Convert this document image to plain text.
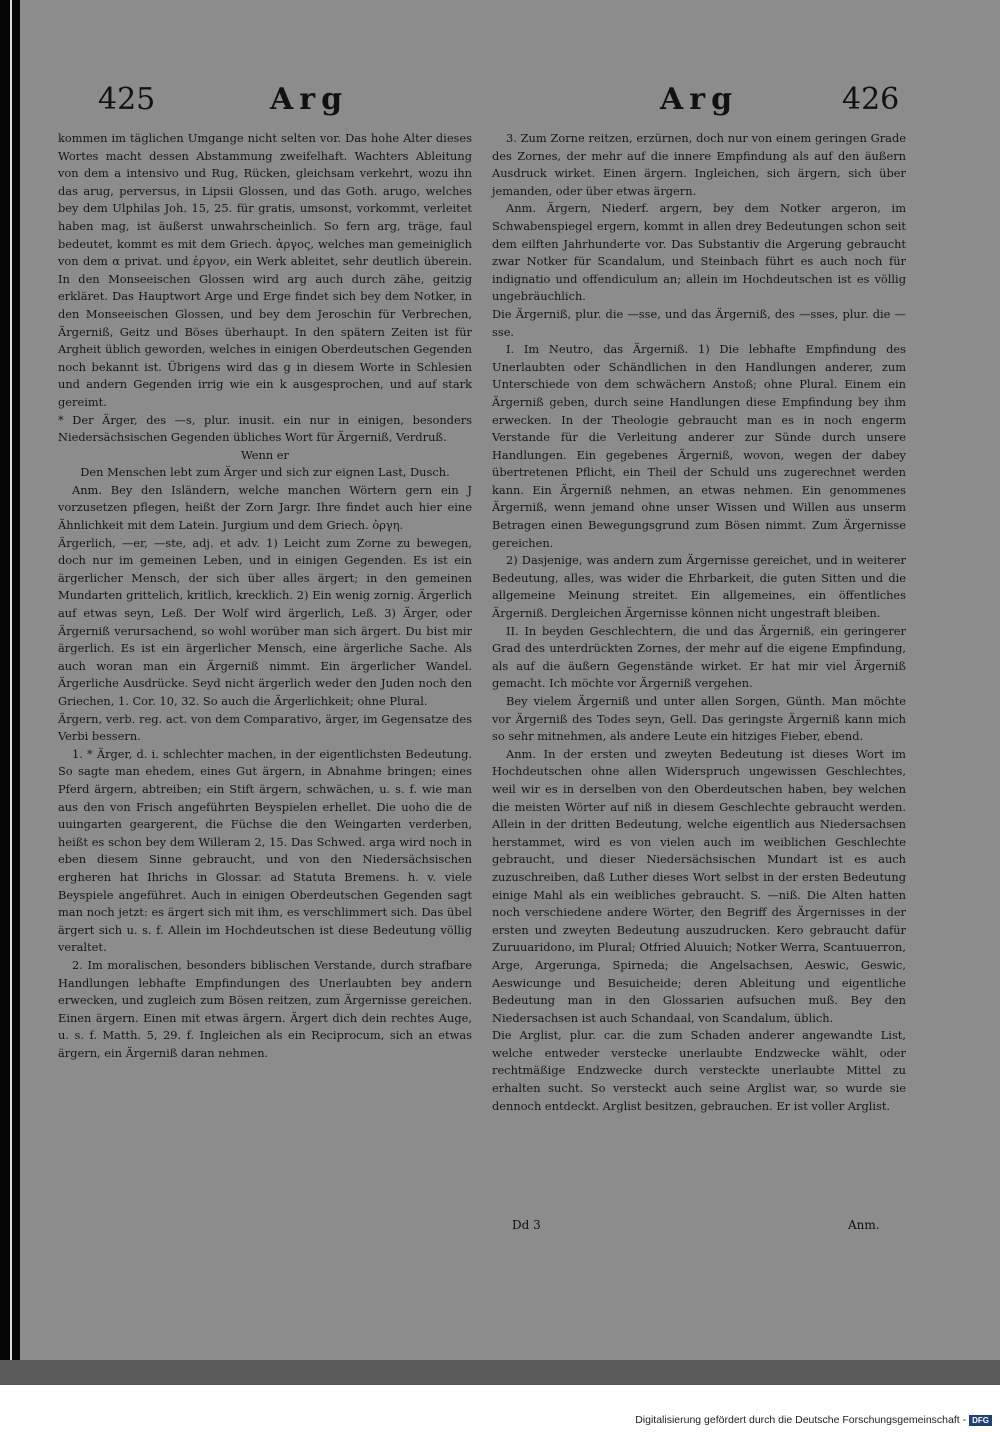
425	Arg	Arg	426

kommen im täglichen Umgange nicht selten vor. Das hohe Alter dieses Wortes macht dessen Abstammung zweifelhaft. Wachters Ableitung von dem a intensivo und Rug, Rücken, gleichsam verkehrt, wozu ihn das arug, perversus, in Lipsii Glossen, und das Goth. arugo, welches bey dem Ulphilas Joh. 15, 25. für gratis, umsonst, vorkommt, verleitet haben mag, ist äußerst unwahrscheinlich. So fern arg, träge, faul bedeutet, kommt es mit dem Griech. ἀργος, welches man gemeiniglich von dem α privat. und ἐργον, ein Werk ableitet, sehr deutlich überein. In den Monseeischen Glossen wird arg auch durch zähe, geitzig erkläret. Das Hauptwort Arge und Erge findet sich bey dem Notker, in den Monseeischen Glossen, und bey dem Jeroschin für Verbrechen, Ärgerniß, Geitz und Böses überhaupt. In den spätern Zeiten ist für Argheit üblich geworden, welches in einigen Oberdeutschen Gegenden noch bekannt ist. Übrigens wird das g in diesem Worte in Schlesien und andern Gegenden irrig wie ein k ausgesprochen, und auf stark gereimt.

* Der Ärger, des —s, plur. inusit. ein nur in einigen, besonders Niedersächsischen Gegenden übliches Wort für Ärgerniß, Verdruß.

Wenn er

Den Menschen lebt zum Ärger und sich zur eignen Last, Dusch.

Anm. Bey den Isländern, welche manchen Wörtern gern ein J vorzusetzen pflegen, heißt der Zorn Jargr. Ihre findet auch hier eine Ähnlichkeit mit dem Latein. Jurgium und dem Griech. ὀργη.

Ärgerlich, —er, —ste, adj. et adv. 1) Leicht zum Zorne zu bewegen, doch nur im gemeinen Leben, und in einigen Gegenden. Es ist ein ärgerlicher Mensch, der sich über alles ärgert; in den gemeinen Mundarten grittelich, kritlich, krecklich. 2) Ein wenig zornig. Ärgerlich auf etwas seyn, Leß. Der Wolf wird ärgerlich, Leß. 3) Ärger, oder Ärgerniß verursachend, so wohl worüber man sich ärgert. Du bist mir ärgerlich. Es ist ein ärgerlicher Mensch, eine ärgerliche Sache. Als auch woran man ein Ärgerniß nimmt. Ein ärgerlicher Wandel. Ärgerliche Ausdrücke. Seyd nicht ärgerlich weder den Juden noch den Griechen, 1. Cor. 10, 32. So auch die Ärgerlichkeit; ohne Plural.

Ärgern, verb. reg. act. von dem Comparativo, ärger, im Gegensatze des Verbi bessern.

1. * Ärger, d. i. schlechter machen, in der eigentlichsten Bedeutung. So sagte man ehedem, eines Gut ärgern, in Abnahme bringen; eines Pferd ärgern, abtreiben; ein Stift ärgern, schwächen, u. s. f. wie man aus den von Frisch angeführten Beyspielen erhellet. Die uoho die de uuingarten geargerent, die Füchse die den Weingarten verderben, heißt es schon bey dem Willeram 2, 15. Das Schwed. arga wird noch in eben diesem Sinne gebraucht, und von den Niedersächsischen ergheren hat Ihrichs in Glossar. ad Statuta Bremens. h. v. viele Beyspiele angeführet. Auch in einigen Oberdeutschen Gegenden sagt man noch jetzt: es ärgert sich mit ihm, es verschlimmert sich. Das übel ärgert sich u. s. f. Allein im Hochdeutschen ist diese Bedeutung völlig veraltet.

2. Im moralischen, besonders biblischen Verstande, durch strafbare Handlungen lebhafte Empfindungen des Unerlaubten bey andern erwecken, und zugleich zum Bösen reitzen, zum Ärgernisse gereichen. Einen ärgern. Einen mit etwas ärgern. Ärgert dich dein rechtes Auge, u. s. f. Matth. 5, 29. f. Ingleichen als ein Reciprocum, sich an etwas ärgern, ein Ärgerniß daran nehmen.

3. Zum Zorne reitzen, erzürnen, doch nur von einem geringen Grade des Zornes, der mehr auf die innere Empfindung als auf den äußern Ausdruck wirket. Einen ärgern. Ingleichen, sich ärgern, sich über jemanden, oder über etwas ärgern.

Anm. Ärgern, Niederf. argern, bey dem Notker argeron, im Schwabenspiegel ergern, kommt in allen drey Bedeutungen schon seit dem eilften Jahrhunderte vor. Das Substantiv die Argerung gebraucht zwar Notker für Scandalum, und Steinbach führt es auch noch für indignatio und offendiculum an; allein im Hochdeutschen ist es völlig ungebräuchlich.

Die Ärgerniß, plur. die —sse, und das Ärgerniß, des —sses, plur. die —sse.

I. Im Neutro, das Ärgerniß. 1) Die lebhafte Empfindung des Unerlaubten oder Schändlichen in den Handlungen anderer, zum Unterschiede von dem schwächern Anstoß; ohne Plural. Einem ein Ärgerniß geben, durch seine Handlungen diese Empfindung bey ihm erwecken. In der Theologie gebraucht man es in noch engerm Verstande für die Verleitung anderer zur Sünde durch unsere Handlungen. Ein gegebenes Ärgerniß, wovon, wegen der dabey übertretenen Pflicht, ein Theil der Schuld uns zugerechnet werden kann. Ein Ärgerniß nehmen, an etwas nehmen. Ein genommenes Ärgerniß, wenn jemand ohne unser Wissen und Willen aus unserm Betragen einen Bewegungsgrund zum Bösen nimmt. Zum Ärgernisse gereichen.

2) Dasjenige, was andern zum Ärgernisse gereichet, und in weiterer Bedeutung, alles, was wider die Ehrbarkeit, die guten Sitten und die allgemeine Meinung streitet. Ein allgemeines, ein öffentliches Ärgerniß. Dergleichen Ärgernisse können nicht ungestraft bleiben.

II. In beyden Geschlechtern, die und das Ärgerniß, ein geringerer Grad des unterdrückten Zornes, der mehr auf die eigene Empfindung, als auf die äußern Gegenstände wirket. Er hat mir viel Ärgerniß gemacht. Ich möchte vor Ärgerniß vergehen.

Bey vielem Ärgerniß und unter allen Sorgen, Günth. Man möchte vor Ärgerniß des Todes seyn, Gell. Das geringste Ärgerniß kann mich so sehr mitnehmen, als andere Leute ein hitziges Fieber, ebend.

Anm. In der ersten und zweyten Bedeutung ist dieses Wort im Hochdeutschen ohne allen Widerspruch ungewissen Geschlechtes, weil wir es in derselben von den Oberdeutschen haben, bey welchen die meisten Wörter auf niß in diesem Geschlechte gebraucht werden. Allein in der dritten Bedeutung, welche eigentlich aus Niedersachsen herstammet, wird es von vielen auch im weiblichen Geschlechte gebraucht, und dieser Niedersächsischen Mundart ist es auch zuzuschreiben, daß Luther dieses Wort selbst in der ersten Bedeutung einige Mahl als ein weibliches gebraucht. S. —niß. Die Alten hatten noch verschiedene andere Wörter, den Begriff des Ärgernisses in der ersten und zweyten Bedeutung auszudrucken. Kero gebraucht dafür Zuruuaridono, im Plural; Otfried Aluuich; Notker Werra, Scantuuerron, Arge, Argerunga, Spirneda; die Angelsachsen, Aeswic, Geswic, Aeswicunge und Besuicheide; deren Ableitung und eigentliche Bedeutung man in den Glossarien aufsuchen muß. Bey den Niedersachsen ist auch Schandaal, von Scandalum, üblich.

Die Arglist, plur. car. die zum Schaden anderer angewandte List, welche entweder verstecke unerlaubte Endzwecke wählt, oder rechtmäßige Endzwecke durch versteckte unerlaubte Mittel zu erhalten sucht. So versteckt auch seine Arglist war, so wurde sie dennoch entdeckt. Arglist besitzen, gebrauchen. Er ist voller Arglist.

Dd 3	Anm.
Digitalisierung gefördert durch die Deutsche Forschungsgemeinschaft - DFG
